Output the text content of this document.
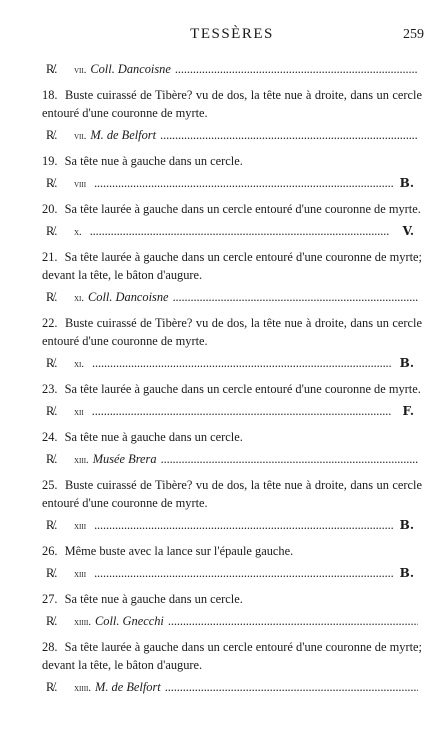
TESSÈRES	259
R̸̸.	vii. Coll. Dancoisne
. . .
18. Buste cuirassé de Tibère? vu de dos, la tête nue à droite, dans un cercle entouré d'une couronne de myrte.
R̸.	vii. M. de Belfort
. . .
19. Sa tête nue à gauche dans un cercle.
R̸.	viii . . .	B.
20. Sa tête laurée à gauche dans un cercle entouré d'une couronne de myrte.
R̸.	x. . . .	V.
21. Sa tête laurée à gauche dans un cercle entouré d'une couronne de myrte; devant la tête, le bâton d'augure.
R̸.	xi. Coll. Dancoisne
. . .
22. Buste cuirassé de Tibère? vu de dos, la tête nue à droite, dans un cercle entouré d'une couronne de myrte.
R̸.	xi. . . .	B.
23. Sa tête laurée à gauche dans un cercle entouré d'une couronne de myrte.
R̸.	xii . . .	F.
24. Sa tête nue à gauche dans un cercle.
R̸.	xiii. Musée Brera
. . .
25. Buste cuirassé de Tibère? vu de dos, la tête nue à droite, dans un cercle entouré d'une couronne de myrte.
R̸.	xiii . . .	B.
26. Même buste avec la lance sur l'épaule gauche.
R̸.	xiii . . .	B.
27. Sa tête nue à gauche dans un cercle.
R̸.	xiiii. Coll. Gnecchi
. . .
28. Sa tête laurée à gauche dans un cercle entouré d'une couronne de myrte; devant la tête, le bâton d'augure.
R̸.	xiiii. M. de Belfort
. . .
